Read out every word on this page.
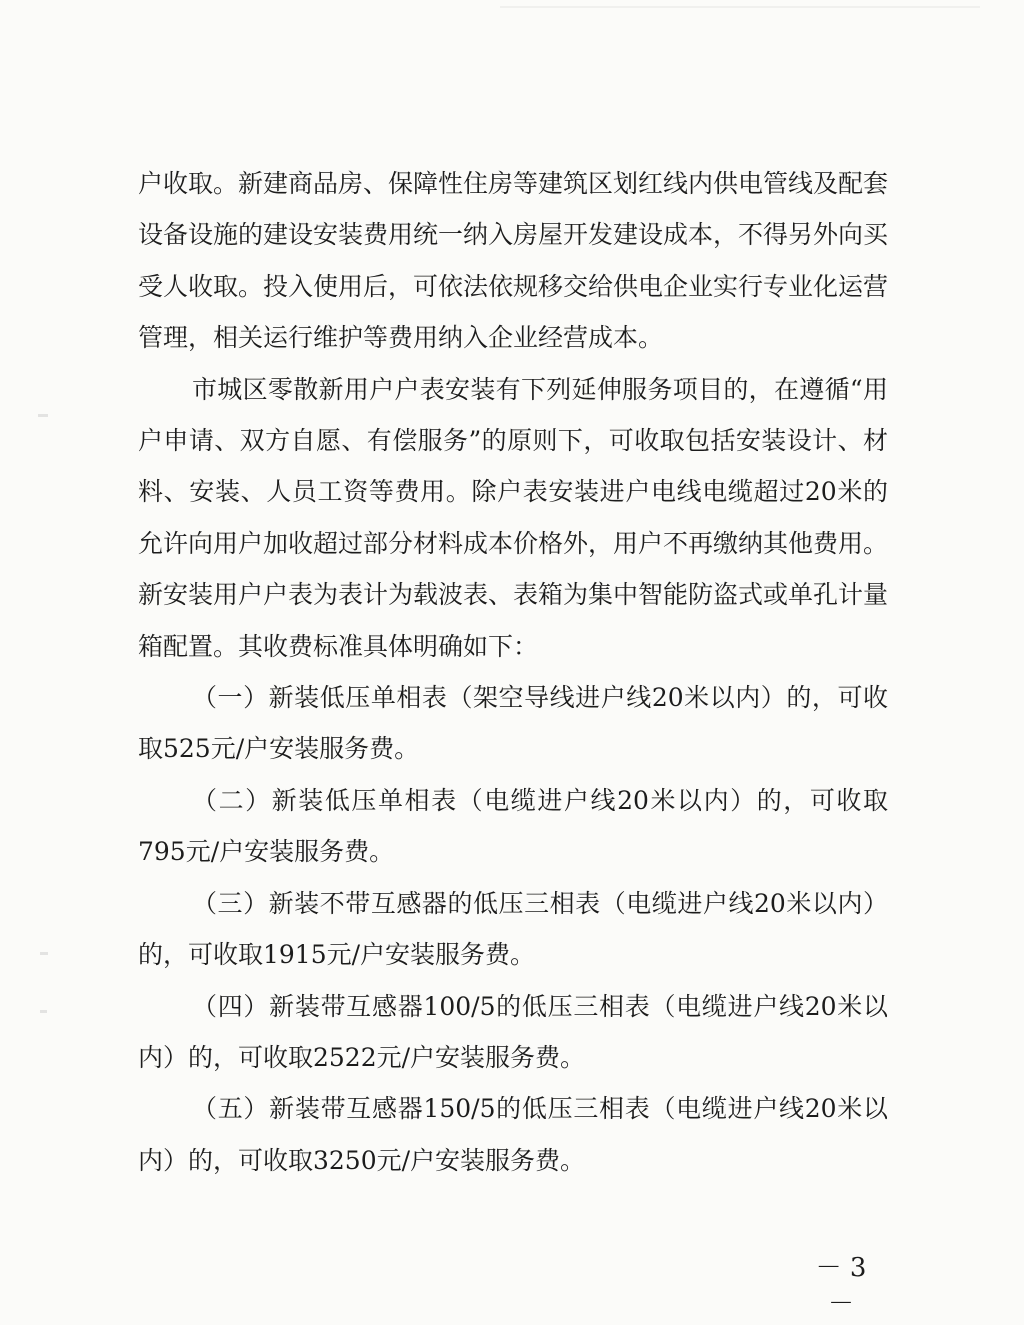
户收取。新建商品房、保障性住房等建筑区划红线内供电管线及配套设备设施的建设安装费用统一纳入房屋开发建设成本，不得另外向买受人收取。投入使用后，可依法依规移交给供电企业实行专业化运营管理，相关运行维护等费用纳入企业经营成本。

市城区零散新用户户表安装有下列延伸服务项目的，在遵循“用户申请、双方自愿、有偿服务”的原则下，可收取包括安装设计、材料、安装、人员工资等费用。除户表安装进户电线电缆超过20米的允许向用户加收超过部分材料成本价格外，用户不再缴纳其他费用。新安装用户户表为表计为载波表、表箱为集中智能防盗式或单孔计量箱配置。其收费标准具体明确如下：

（一）新装低压单相表（架空导线进户线20米以内）的，可收取525元/户安装服务费。

（二）新装低压单相表（电缆进户线20米以内）的，可收取795元/户安装服务费。

（三）新装不带互感器的低压三相表（电缆进户线20米以内）的，可收取1915元/户安装服务费。

（四）新装带互感器100/5的低压三相表（电缆进户线20米以内）的，可收取2522元/户安装服务费。

（五）新装带互感器150/5的低压三相表（电缆进户线20米以内）的，可收取3250元/户安装服务费。

－ 3 －
